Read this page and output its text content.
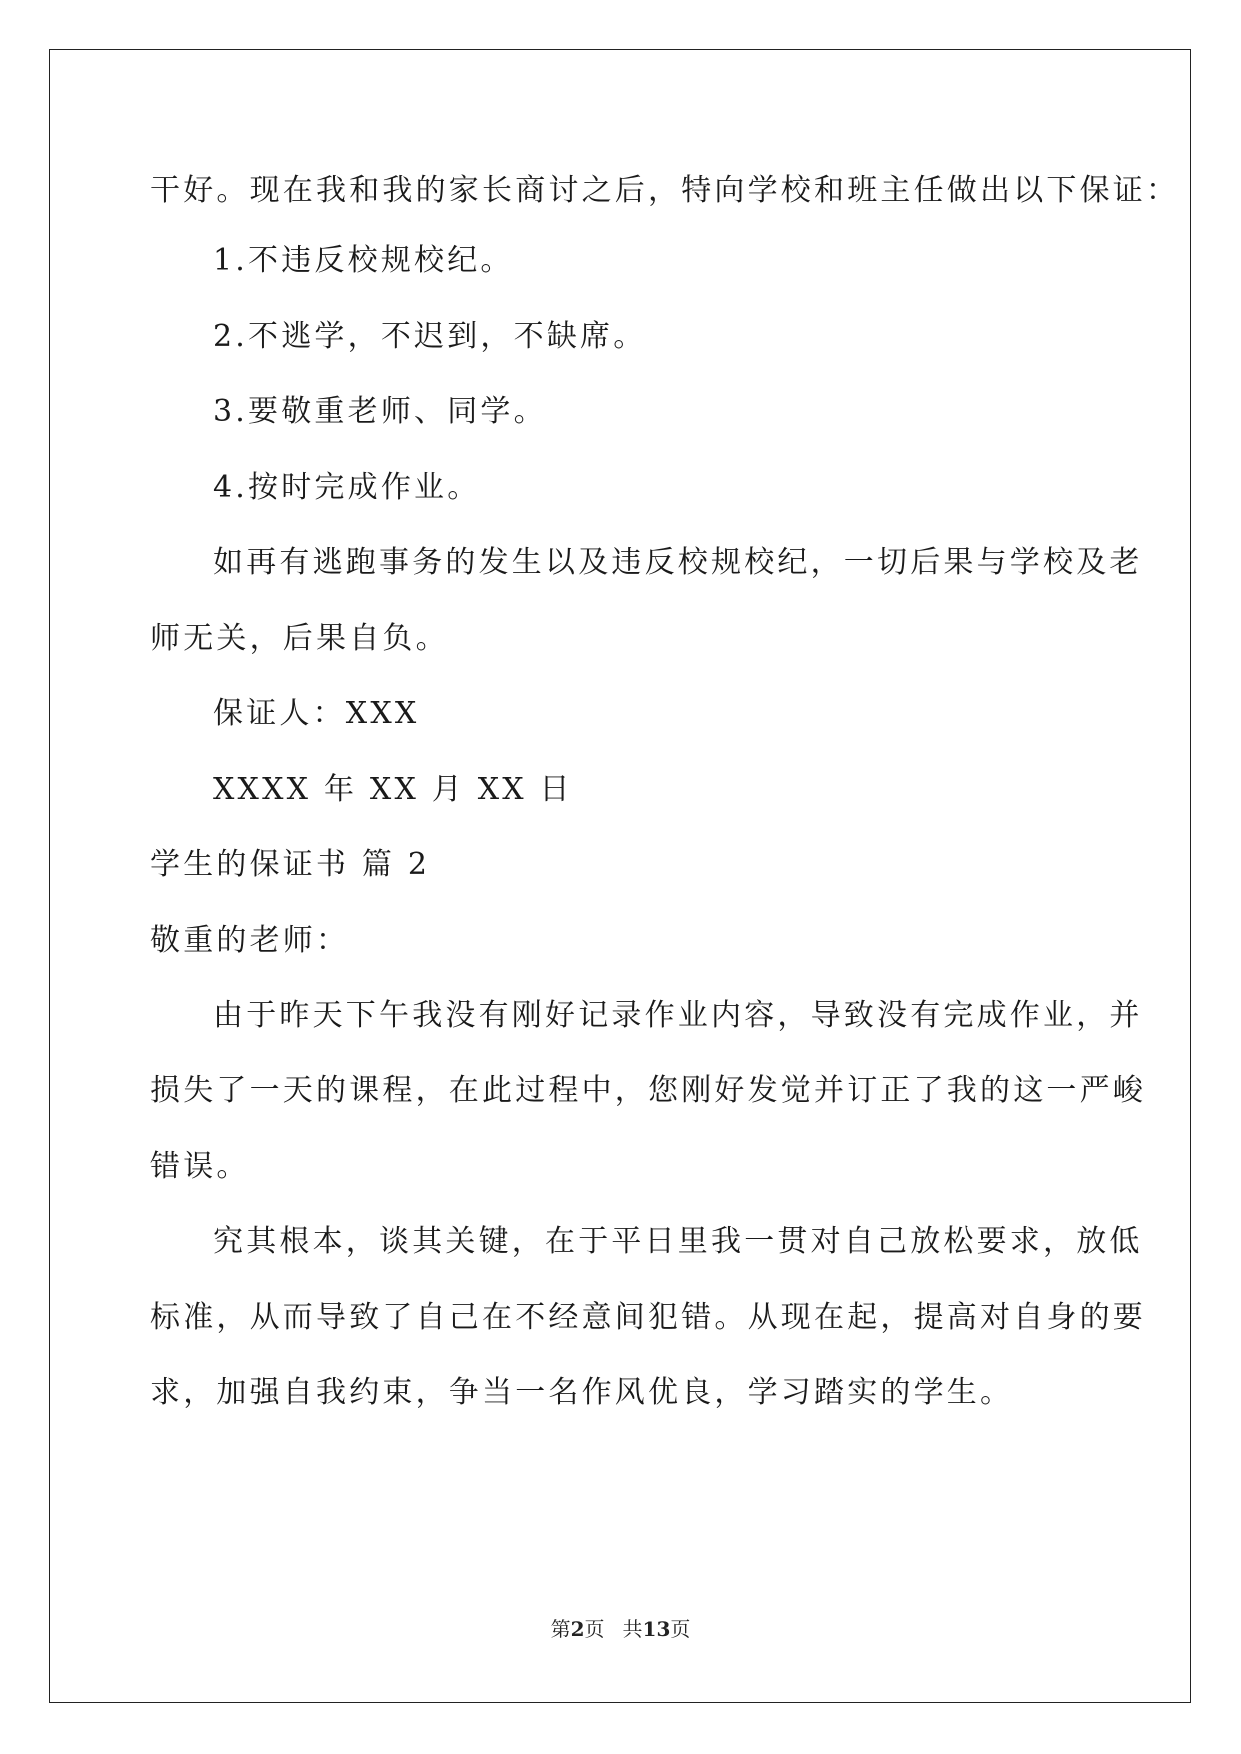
干好。现在我和我的家长商讨之后，特向学校和班主任做出以下保证：
1.不违反校规校纪。
2.不逃学，不迟到，不缺席。
3.要敬重老师、同学。
4.按时完成作业。
如再有逃跑事务的发生以及违反校规校纪，一切后果与学校及老
师无关，后果自负。
保证人：XXX
XXXX 年 XX 月 XX 日
学生的保证书 篇 2
敬重的老师：
由于昨天下午我没有刚好记录作业内容，导致没有完成作业，并
损失了一天的课程，在此过程中，您刚好发觉并订正了我的这一严峻
错误。
究其根本，谈其关键，在于平日里我一贯对自己放松要求，放低
标准，从而导致了自己在不经意间犯错。从现在起，提高对自身的要
求，加强自我约束，争当一名作风优良，学习踏实的学生。
第2页 共13页
